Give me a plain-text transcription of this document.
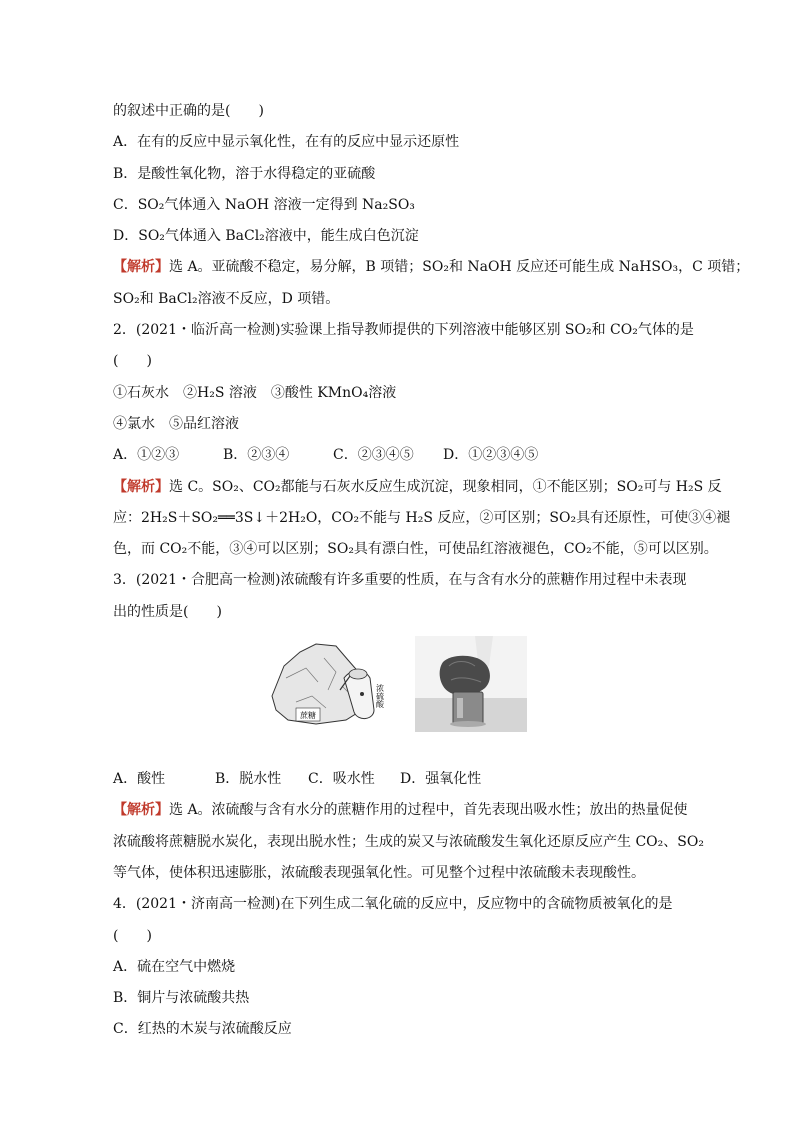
的叙述中正确的是(　　)
A．在有的反应中显示氧化性，在有的反应中显示还原性
B．是酸性氧化物，溶于水得稳定的亚硫酸
C．SO₂气体通入 NaOH 溶液一定得到 Na₂SO₃
D．SO₂气体通入 BaCl₂溶液中，能生成白色沉淀
【解析】选 A。亚硫酸不稳定，易分解，B 项错；SO₂和 NaOH 反应还可能生成 NaHSO₃，C 项错；
SO₂和 BaCl₂溶液不反应，D 项错。
2．(2021・临沂高一检测)实验课上指导教师提供的下列溶液中能够区别 SO₂和 CO₂气体的是
(　　)
①石灰水　②H₂S 溶液　③酸性 KMnO₄溶液
④氯水　⑤品红溶液
A．①②③	B．②③④	C．②③④⑤	D．①②③④⑤
【解析】选 C。SO₂、CO₂都能与石灰水反应生成沉淀，现象相同，①不能区别；SO₂可与 H₂S 反
应：2H₂S＋SO₂══3S↓＋2H₂O，CO₂不能与 H₂S 反应，②可区别；SO₂具有还原性，可使③④褪
色，而 CO₂不能，③④可以区别；SO₂具有漂白性，可使品红溶液褪色，CO₂不能，⑤可以区别。
3．(2021・合肥高一检测)浓硫酸有许多重要的性质，在与含有水分的蔗糖作用过程中未表现
出的性质是(　　)
蔗糖
浓硫酸
A．酸性	B．脱水性	C．吸水性	D．强氧化性
【解析】选 A。浓硫酸与含有水分的蔗糖作用的过程中，首先表现出吸水性；放出的热量促使
浓硫酸将蔗糖脱水炭化，表现出脱水性；生成的炭又与浓硫酸发生氧化还原反应产生 CO₂、SO₂
等气体，使体积迅速膨胀，浓硫酸表现强氧化性。可见整个过程中浓硫酸未表现酸性。
4．(2021・济南高一检测)在下列生成二氧化硫的反应中，反应物中的含硫物质被氧化的是
(　　)
A．硫在空气中燃烧
B．铜片与浓硫酸共热
C．红热的木炭与浓硫酸反应
